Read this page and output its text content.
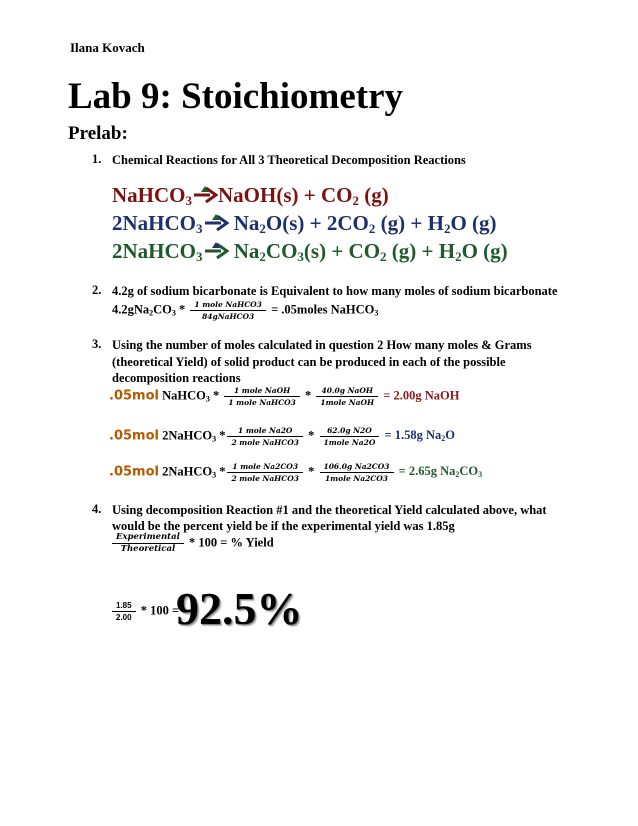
Ilana Kovach
Lab 9: Stoichiometry
Prelab:
1. Chemical Reactions for All 3 Theoretical Decomposition Reactions
NaHCO$_3$ NaOH(s) + $CO_2$ (g)
2NaHCO$_3$ $Na_2O(s) + 2CO_2$ $(g) + H_2O$ (g)
2NaHCO$_3$ $Na_2CO_3(s) + CO_2$ $(g) + H_2O$ (g)
2. 4.2g of sodium bicarbonate is Equivalent to how many moles of sodium bicarbonate
$4.2gNa_2CO_3 * \frac{\text{1 mole NaHCO3}}{\text{84gNaHCO3}}$ = .05moles NaHCO$_3$
3. Using the number of moles calculated in question 2 How many moles & Grams
(theoretical Yield) of solid product can be produced in each of the possible
decomposition reactions
.05mol NaHCO$_3$ * $\frac{\text{1 mole NaOH}}{\text{1 mole NaHCO3}} * \frac{\text{40.0g NaOH}}{\text{1mole NaOH}} = 2.00g$ NaOH
.05mol 2NaHCO$_3$ * $\frac{\text{1 mole Na2O}}{\text{2 mole NaHCO3}} * \frac{\text{62.0g N2O}}{\text{1mole Na2O}} = 1.58g$ $Na_2O$
.05mol 2NaHCO$_3$ * $\frac{\text{1 mole Na2CO3}}{\text{2 mole NaHCO3}} * \frac{\text{106.0g Na2CO3}}{\text{1mole Na2CO3}} = 2.65g$ $Na_2CO_3$
4. Using decomposition Reaction #1 and the theoretical Yield calculated above, what
would be the percent yield be if the experimental yield was 1.85g
$\frac{\text{Experimental}}{\text{Theoretical}} * 100$ = % Yield
$\frac{1.85}{2.00} * 100$ =
92.5%
